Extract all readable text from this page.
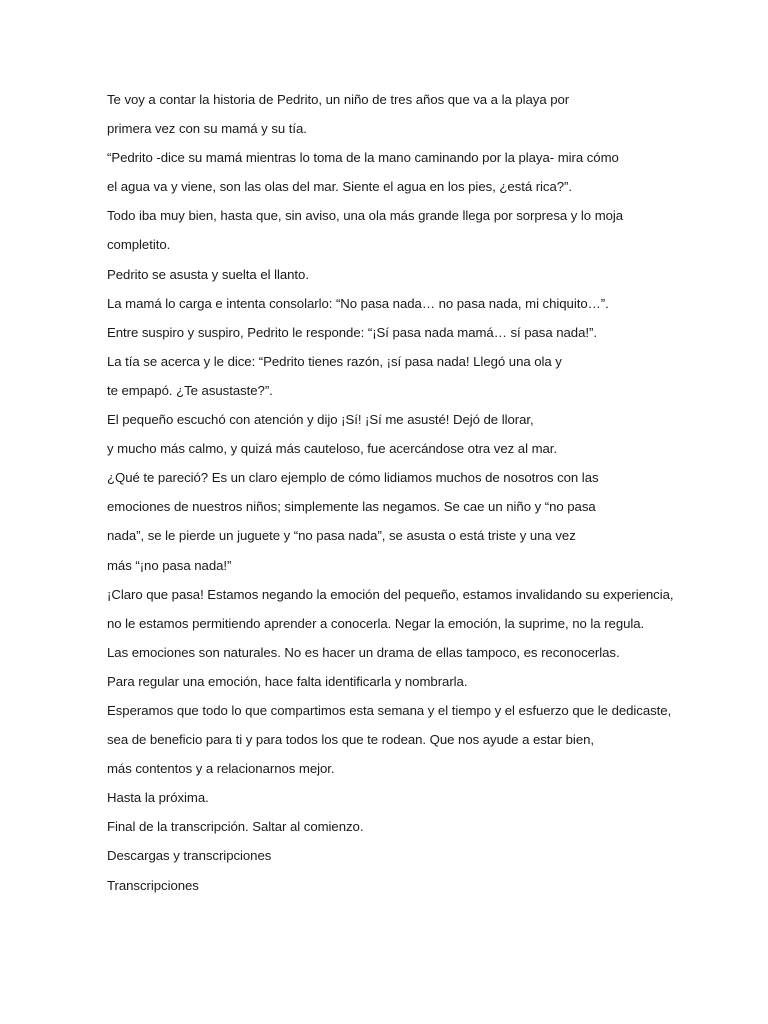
Te voy a contar la historia de Pedrito, un niño de tres años que va a la playa por
primera vez con su mamá y su tía.
“Pedrito -dice su mamá mientras lo toma de la mano caminando por la playa- mira cómo
el agua va y viene, son las olas del mar. Siente el agua en los pies, ¿está rica?”.
Todo iba muy bien, hasta que, sin aviso, una ola más grande llega por sorpresa y lo moja
completito.
Pedrito se asusta y suelta el llanto.
La mamá lo carga e intenta consolarlo: “No pasa nada… no pasa nada, mi chiquito…”.
Entre suspiro y suspiro, Pedrito le responde: “¡Sí pasa nada mamá… sí pasa nada!”.
La tía se acerca y le dice: “Pedrito tienes razón, ¡sí pasa nada! Llegó una ola y
te empapó. ¿Te asustaste?”.
El pequeño escuchó con atención y dijo ¡Sí! ¡Sí me asusté! Dejó de llorar,
y mucho más calmo, y quizá más cauteloso, fue acercándose otra vez al mar.
¿Qué te pareció? Es un claro ejemplo de cómo lidiamos muchos de nosotros con las
emociones de nuestros niños; simplemente las negamos. Se cae un niño y “no pasa
nada”, se le pierde un juguete y “no pasa nada”, se asusta o está triste y una vez
más “¡no pasa nada!”
¡Claro que pasa! Estamos negando la emoción del pequeño, estamos invalidando su experiencia,
no le estamos permitiendo aprender a conocerla. Negar la emoción, la suprime, no la regula.
Las emociones son naturales. No es hacer un drama de ellas tampoco, es reconocerlas.
Para regular una emoción, hace falta identificarla y nombrarla.
Esperamos que todo lo que compartimos esta semana y el tiempo y el esfuerzo que le dedicaste,
sea de beneficio para ti y para todos los que te rodean. Que nos ayude a estar bien,
más contentos y a relacionarnos mejor.
Hasta la próxima.
Final de la transcripción. Saltar al comienzo.
Descargas y transcripciones
Transcripciones
